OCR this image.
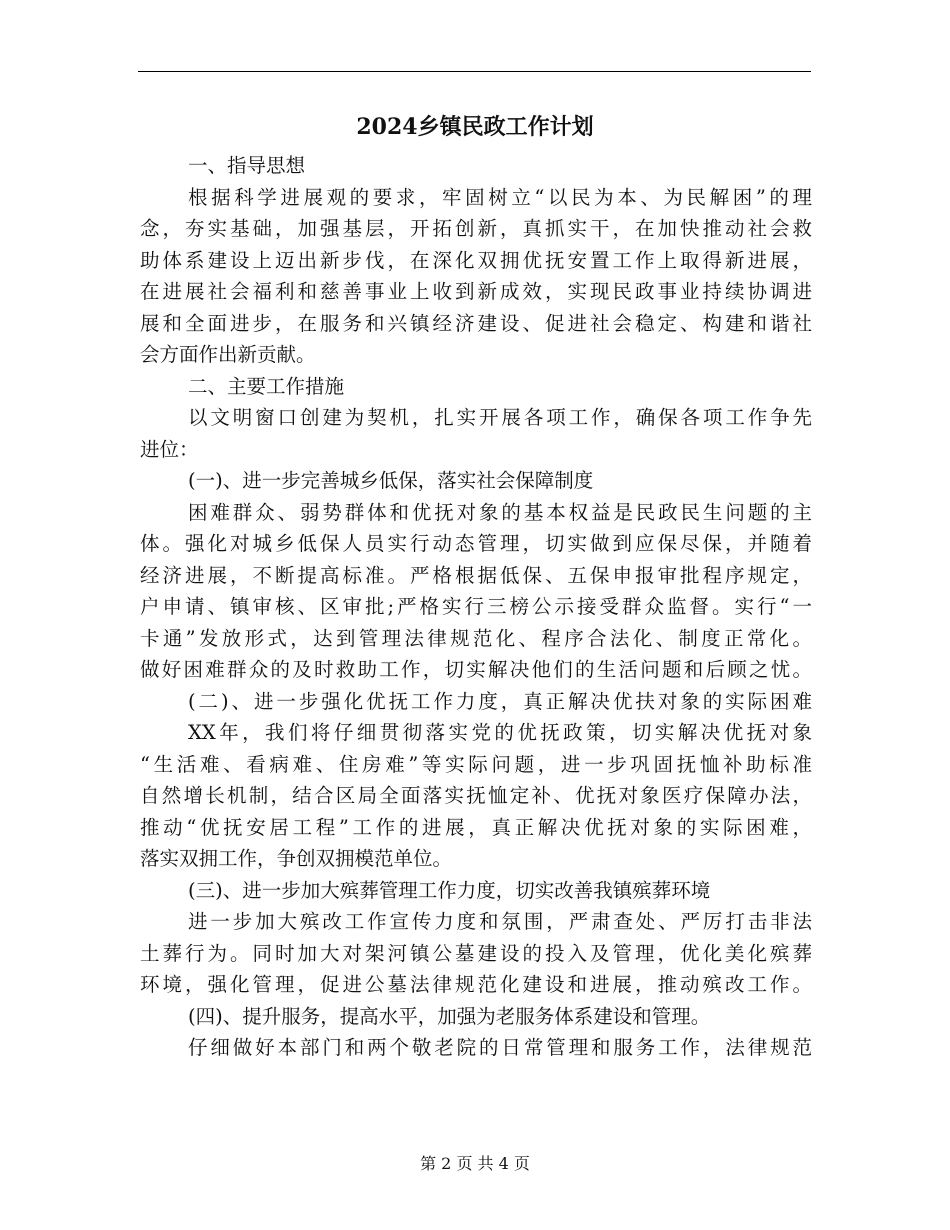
2024乡镇民政工作计划

一、指导思想

根据科学进展观的要求，牢固树立“以民为本、为民解困”的理

念，夯实基础，加强基层，开拓创新，真抓实干，在加快推动社会救

助体系建设上迈出新步伐，在深化双拥优抚安置工作上取得新进展，

在进展社会福利和慈善事业上收到新成效，实现民政事业持续协调进

展和全面进步，在服务和兴镇经济建设、促进社会稳定、构建和谐社

会方面作出新贡献。

二、主要工作措施

以文明窗口创建为契机，扎实开展各项工作，确保各项工作争先

进位：

(一)、进一步完善城乡低保，落实社会保障制度

困难群众、弱势群体和优抚对象的基本权益是民政民生问题的主

体。强化对城乡低保人员实行动态管理，切实做到应保尽保，并随着

经济进展，不断提高标准。严格根据低保、五保申报审批程序规定，

户申请、镇审核、区审批;严格实行三榜公示接受群众监督。实行“一

卡通”发放形式，达到管理法律规范化、程序合法化、制度正常化。

做好困难群众的及时救助工作，切实解决他们的生活问题和后顾之忧。

(二)、进一步强化优抚工作力度，真正解决优扶对象的实际困难

XX年，我们将仔细贯彻落实党的优抚政策，切实解决优抚对象

“生活难、看病难、住房难”等实际问题，进一步巩固抚恤补助标准

自然增长机制，结合区局全面落实抚恤定补、优抚对象医疗保障办法，

推动“优抚安居工程”工作的进展，真正解决优抚对象的实际困难，

落实双拥工作，争创双拥模范单位。

(三)、进一步加大殡葬管理工作力度，切实改善我镇殡葬环境

进一步加大殡改工作宣传力度和氛围，严肃查处、严厉打击非法

土葬行为。同时加大对架河镇公墓建设的投入及管理，优化美化殡葬

环境，强化管理，促进公墓法律规范化建设和进展，推动殡改工作。

(四)、提升服务，提高水平，加强为老服务体系建设和管理。

仔细做好本部门和两个敬老院的日常管理和服务工作，法律规范

第 2 页 共 4 页
